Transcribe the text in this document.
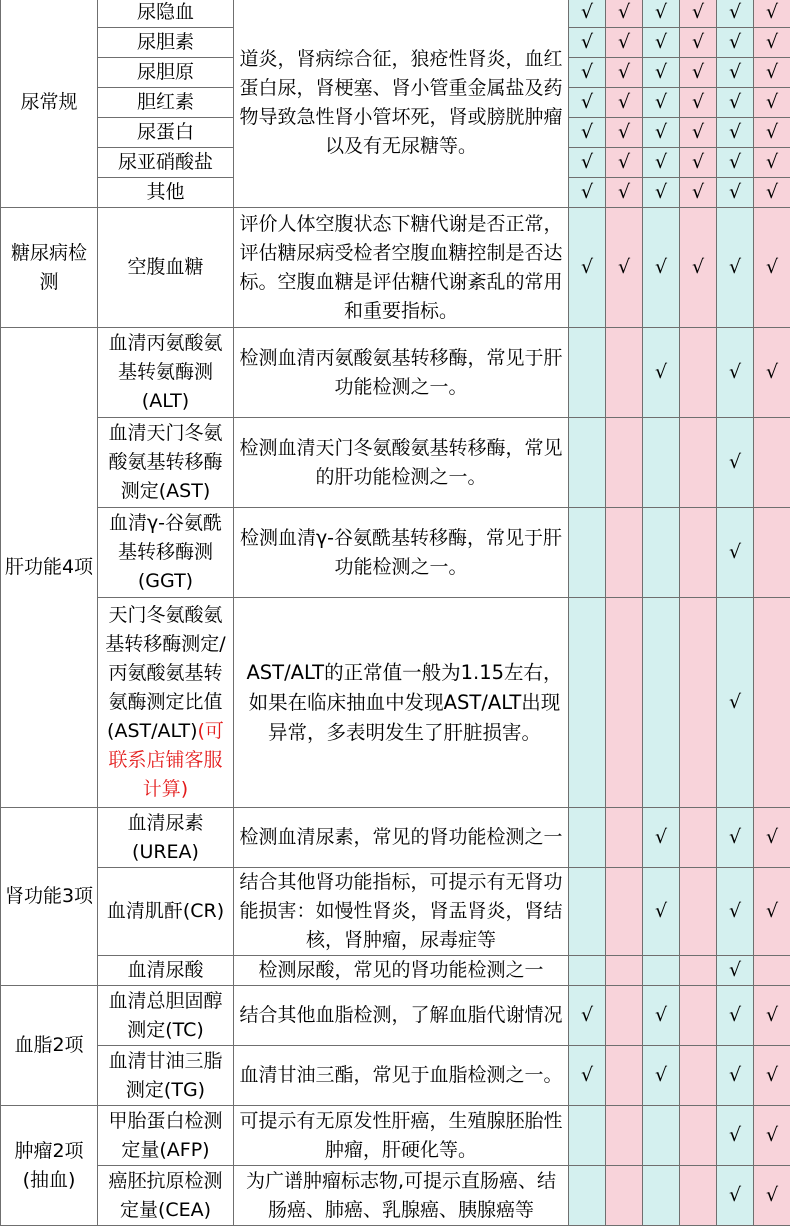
尿常规	尿隐血	道炎，肾病综合征，狼疮性肾炎，血红蛋白尿，肾梗塞、肾小管重金属盐及药物导致急性肾小管坏死，肾或膀胱肿瘤以及有无尿糖等。	√	√	√	√	√	√
	尿胆素		√	√	√	√	√	√
	尿胆原		√	√	√	√	√	√
	胆红素		√	√	√	√	√	√
	尿蛋白		√	√	√	√	√	√
	尿亚硝酸盐		√	√	√	√	√	√
	其他		√	√	√	√	√	√
糖尿病检测	空腹血糖	评价人体空腹状态下糖代谢是否正常，评估糖尿病受检者空腹血糖控制是否达标。空腹血糖是评估糖代谢紊乱的常用和重要指标。	√	√	√	√	√	√
肝功能4项	血清丙氨酸氨基转氨酶测(ALT)	检测血清丙氨酸氨基转移酶，常见于肝功能检测之一。			√		√	√
	血清天门冬氨酸氨基转移酶测定(AST)	检测血清天门冬氨酸氨基转移酶，常见的肝功能检测之一。					√	
	血清γ-谷氨酰基转移酶测(GGT)	检测血清γ-谷氨酰基转移酶，常见于肝功能检测之一。					√	
	天门冬氨酸氨基转移酶测定/丙氨酸氨基转氨酶测定比值(AST/ALT)(可联系店铺客服计算)	AST/ALT的正常值一般为1.15左右，如果在临床抽血中发现AST/ALT出现异常，多表明发生了肝脏损害。					√	
肾功能3项	血清尿素(UREA)	检测血清尿素，常见的肾功能检测之一			√		√	√
	血清肌酐(CR)	结合其他肾功能指标，可提示有无肾功能损害：如慢性肾炎，肾盂肾炎，肾结核，肾肿瘤，尿毒症等			√		√	√
	血清尿酸	检测尿酸，常见的肾功能检测之一					√	
血脂2项	血清总胆固醇测定(TC)	结合其他血脂检测，了解血脂代谢情况	√		√		√	√
	血清甘油三脂测定(TG)	血清甘油三酯，常见于血脂检测之一。	√		√		√	√
肿瘤2项(抽血)	甲胎蛋白检测定量(AFP)	可提示有无原发性肝癌，生殖腺胚胎性肿瘤，肝硬化等。					√	√
	癌胚抗原检测定量(CEA)	为广谱肿瘤标志物,可提示直肠癌、结肠癌、肺癌、乳腺癌、胰腺癌等					√	√
